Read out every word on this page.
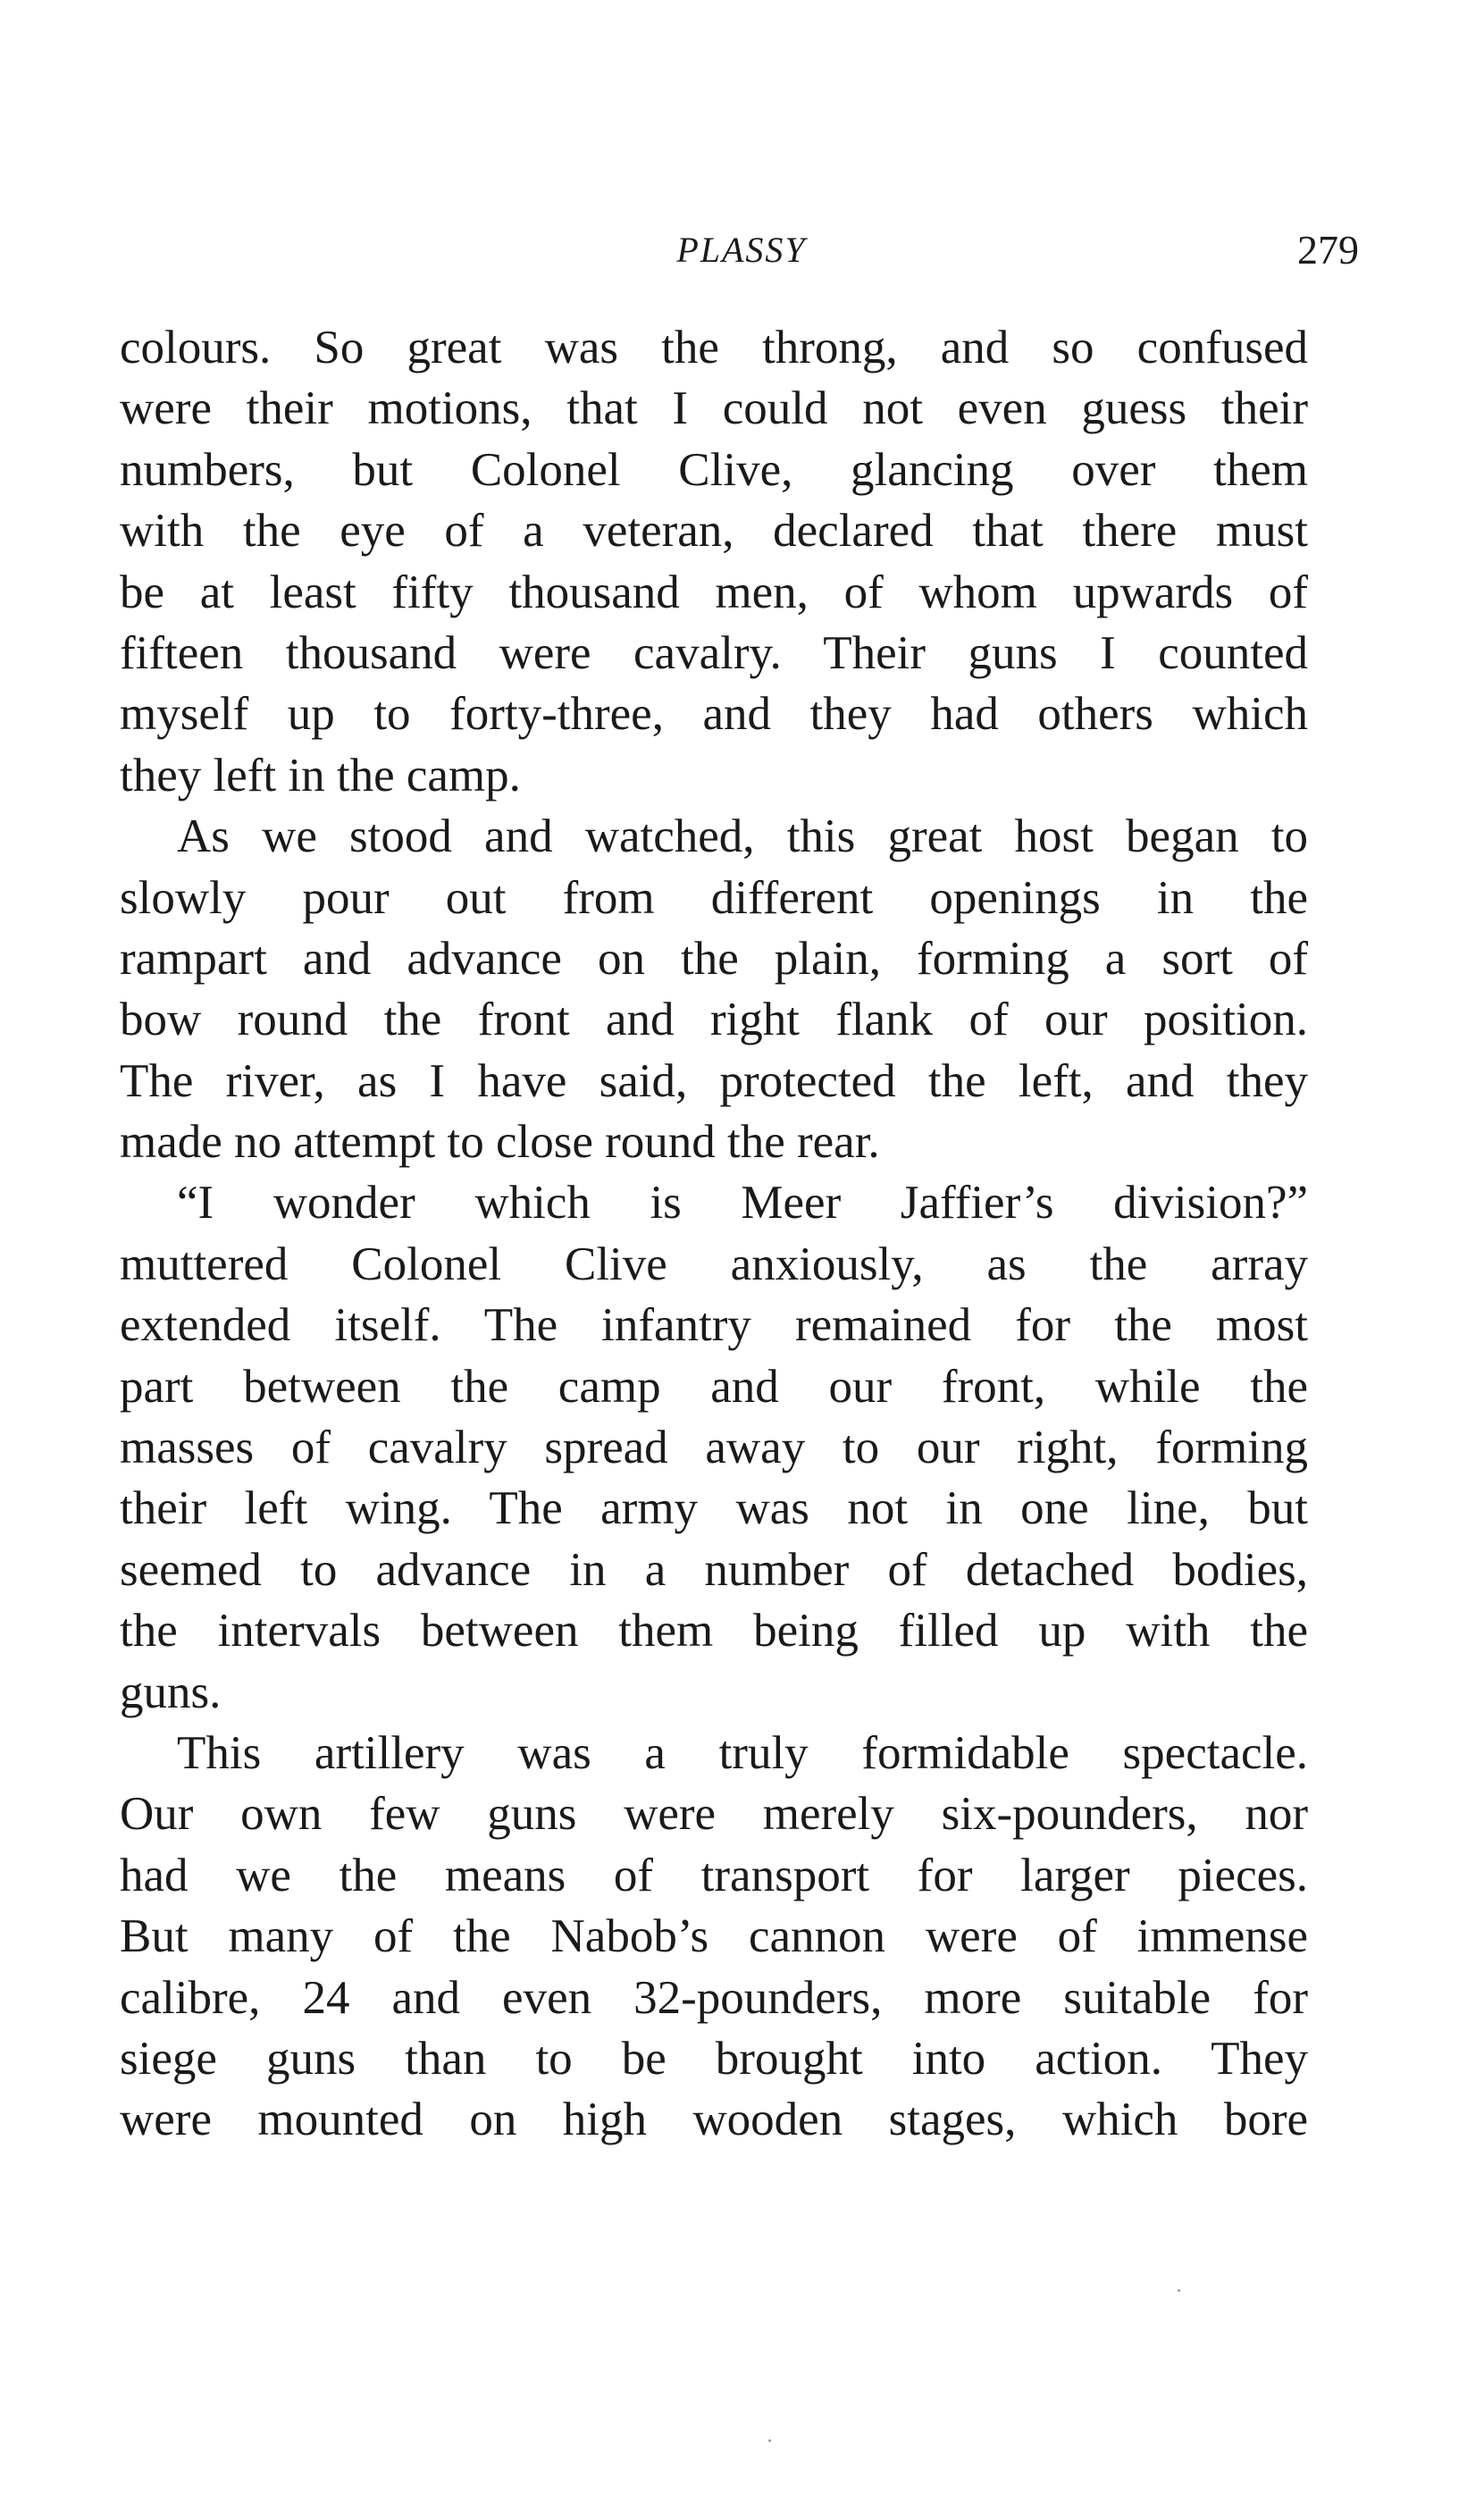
PLASSY	279
colours. So great was the throng, and so confused
were their motions, that I could not even guess their
numbers, but Colonel Clive, glancing over them
with the eye of a veteran, declared that there must
be at least fifty thousand men, of whom upwards of
fifteen thousand were cavalry. Their guns I counted
myself up to forty-three, and they had others which
they left in the camp.
As we stood and watched, this great host began to
slowly pour out from different openings in the
rampart and advance on the plain, forming a sort of
bow round the front and right flank of our position.
The river, as I have said, protected the left, and they
made no attempt to close round the rear.
“I wonder which is Meer Jaffier’s division?”
muttered Colonel Clive anxiously, as the array
extended itself. The infantry remained for the most
part between the camp and our front, while the
masses of cavalry spread away to our right, forming
their left wing. The army was not in one line, but
seemed to advance in a number of detached bodies,
the intervals between them being filled up with the
guns.
This artillery was a truly formidable spectacle.
Our own few guns were merely six-pounders, nor
had we the means of transport for larger pieces.
But many of the Nabob’s cannon were of immense
calibre, 24 and even 32-pounders, more suitable for
siege guns than to be brought into action. They
were mounted on high wooden stages, which bore
